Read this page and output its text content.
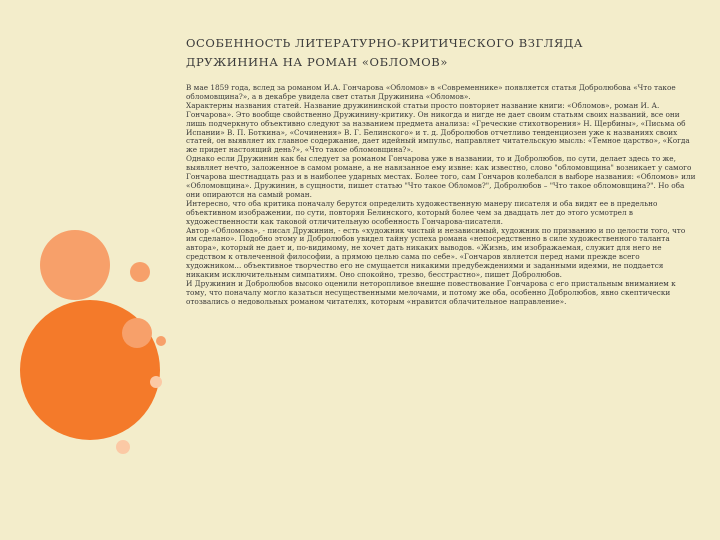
ОСОБЕННОСТЬ ЛИТЕРАТУРНО-КРИТИЧЕСКОГО ВЗГЛЯДА
ДРУЖИНИНА НА РОМАН «ОБЛОМОВ»

В мае 1859 года, вслед за романом И.А. Гончарова «Обломов» в «Современнике» появляется статья Добролюбова «Что такое обломовщина?», а в декабре увидела свет статья Дружинина «Обломов».

Характерны названия статей. Название дружининской статьи просто повторяет название книги: «Обломов», роман И. А. Гончарова». Это вообще свойственно Дружинину-критику. Он никогда и нигде не дает своим статьям своих названий, все они лишь подчеркнуто объективно следуют за названием предмета анализа: «Греческие стихотворения» Н. Щербины», «Письма об Испании» В. П. Боткина», «Сочинения» В. Г. Белинского» и т. д. Добролюбов отчетливо тенденциозен уже к названиях своих статей, он выявляет их главное содержание, дает идейный импульс, направляет читательскую мысль: «Темное царство», «Когда же придет настоящий день?», «Что такое обломовщина?».

Однако если Дружинин как бы следует за романом Гончарова уже в названии, то и Добролюбов, по сути, делает здесь то же, выявляет нечто, заложенное в самом романе, а не навязанное ему извне: как известно, слово "обломовщина" возникает у самого Гончарова шестнадцать раз и в наиболее ударных местах. Более того, сам Гончаров колебался в выборе названия: «Обломов» или «Обломовщина». Дружинин, в сущности, пишет статью "Что такое Обломов?", Добролюбов – "Что такое обломовщина?". Но оба они опираются на самый роман.

Интересно, что оба критика поначалу берутся определить художественную манеру писателя и оба видят ее в предельно объективном изображении, по сути, повторяя Белинского, который более чем за двадцать лет до этого усмотрел в художественности как таковой отличительную особенность Гончарова-писателя.

Автор «Обломова», - писал Дружинин, - есть «художник чистый и независимый, художник по призванию и по целости того, что им сделано». Подобно этому и Добролюбов увидел тайну успеха романа «непосредственно в силе художественного таланта автора», который не дает и, по-видимому, не хочет дать никаких выводов. «Жизнь, им изображаемая, служит для него не средством к отвлеченной философии, а прямою целью сама по себе». «Гончаров является перед нами прежде всего художником... объективное творчество его не смущается никакими предубеждениями и заданными идеями, не поддается никаким исключительным симпатиям. Оно спокойно, трезво, бесстрастно», пишет Добролюбов.

И Дружинин и Добролюбов высоко оценили неторопливое внешне повествование Гончарова с его пристальным вниманием к тому, что поначалу могло казаться несущественными мелочами, и потому же оба, особенно Добролюбов, явно скептически отозвались о недовольных романом читателях, которым «нравится облачительное направление».
